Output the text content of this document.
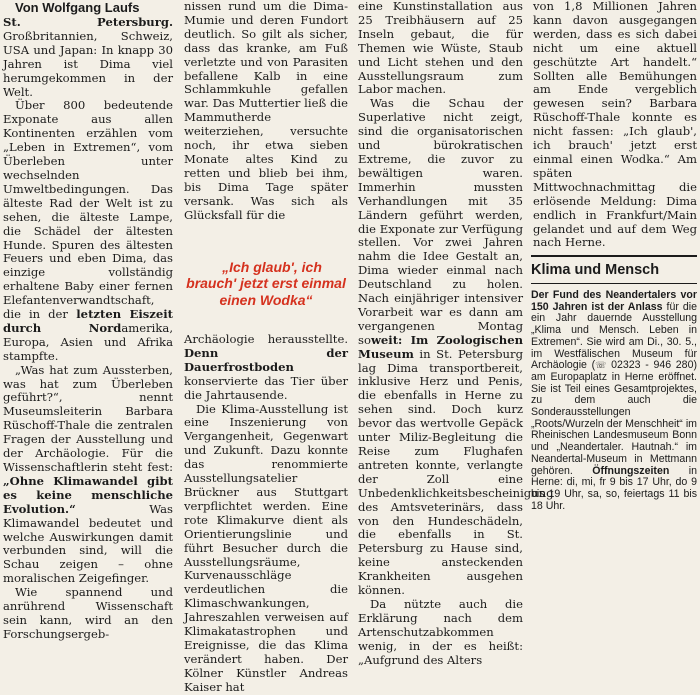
Von Wolfgang Laufs

St. Petersburg. Großbritannien, Schweiz, USA und Japan: In knapp 30 Jahren ist Dima viel herumgekommen in der Welt.

Über 800 bedeutende Exponate aus allen Kontinenten erzählen vom „Leben in Extremen“, vom Überleben unter wechselnden Umweltbedingungen. Das älteste Rad der Welt ist zu sehen, die älteste Lampe, die Schädel der ältesten Hunde. Spuren des ältesten Feuers und eben Dima, das einzige vollständig erhaltene Baby einer fernen Elefantenverwandtschaft, die in der letzten Eiszeit durch Nordamerika, Europa, Asien und Afrika stampfte.

„Was hat zum Aussterben, was hat zum Überleben geführt?“, nennt Museumsleiterin Barbara Rüschoff-Thale die zentralen Fragen der Ausstellung und der Archäologie. Für die Wissenschaftlerin steht fest: „Ohne Klimawandel gibt es keine menschliche Evolution.“ Was Klimawandel bedeutet und welche Auswirkungen damit verbunden sind, will die Schau zeigen – ohne moralischen Zeigefinger.

Wie spannend und anrührend Wissenschaft sein kann, wird an den Forschungsergeb-

nissen rund um die Dima-Mumie und deren Fundort deutlich. So gilt als sicher, dass das kranke, am Fuß verletzte und von Parasiten befallene Kalb in eine Schlammkuhle gefallen war. Das Muttertier ließ die Mammutherde weiterziehen, versuchte noch, ihr etwa sieben Monate altes Kind zu retten und blieb bei ihm, bis Dima Tage später versank. Was sich als Glücksfall für die

„Ich glaub', ich brauch' jetzt erst einmal einen Wodka“

Archäologie herausstellte. Denn der Dauerfrostboden konservierte das Tier über die Jahrtausende.

Die Klima-Ausstellung ist eine Inszenierung von Vergangenheit, Gegenwart und Zukunft. Dazu konnte das renommierte Ausstellungsatelier Brückner aus Stuttgart verpflichtet werden. Eine rote Klimakurve dient als Orientierungslinie und führt Besucher durch die Ausstellungsräume, Kurvenausschläge verdeutlichen die Klimaschwankungen, Jahreszahlen verweisen auf Klimakatastrophen und Ereignisse, die das Klima verändert haben. Der Kölner Künstler Andreas Kaiser hat

eine Kunstinstallation aus 25 Treibhäusern auf 25 Inseln gebaut, die für Themen wie Wüste, Staub und Licht stehen und den Ausstellungsraum zum Labor machen.

Was die Schau der Superlative nicht zeigt, sind die organisatorischen und bürokratischen Extreme, die zuvor zu bewältigen waren. Immerhin mussten Verhandlungen mit 35 Ländern geführt werden, die Exponate zur Verfügung stellen. Vor zwei Jahren nahm die Idee Gestalt an, Dima wieder einmal nach Deutschland zu holen. Nach einjähriger intensiver Vorarbeit war es dann am vergangenen Montag soweit: Im Zoologischen Museum in St. Petersburg lag Dima transportbereit, inklusive Herz und Penis, die ebenfalls in Herne zu sehen sind. Doch kurz bevor das wertvolle Gepäck unter Miliz-Begleitung die Reise zum Flughafen antreten konnte, verlangte der Zoll eine Unbedenklichkeitsbescheinigung des Amtsveterinärs, dass von den Hundeschädeln, die ebenfalls in St. Petersburg zu Hause sind, keine ansteckenden Krankheiten ausgehen können.

Da nützte auch die Erklärung nach dem Artenschutzabkommen wenig, in der es heißt: „Aufgrund des Alters

von 1,8 Millionen Jahren kann davon ausgegangen werden, dass es sich dabei nicht um eine aktuell geschützte Art handelt.“ Sollten alle Bemühungen am Ende vergeblich gewesen sein? Barbara Rüschoff-Thale konnte es nicht fassen: „Ich glaub', ich brauch' jetzt erst einmal einen Wodka.“ Am späten Mittwochnachmittag die erlösende Meldung: Dima endlich in Frankfurt/Main gelandet und auf dem Weg nach Herne.

Klima und Mensch

Der Fund des Neandertalers vor 150 Jahren ist der Anlass für die ein Jahr dauernde Ausstellung „Klima und Mensch. Leben in Extremen“. Sie wird am Di., 30. 5., im Westfälischen Museum für Archäologie (☏ 02323 - 946 280) am Europaplatz in Herne eröffnet. Sie ist Teil eines Gesamtprojektes, zu dem auch die Sonderausstellungen „Roots/Wurzeln der Menschheit“ im Rheinischen Landesmuseum Bonn und „Neandertaler. Hautnah.“ im Neandertal-Museum in Mettmann gehören. Öffnungszeiten in Herne: di, mi, fr 9 bis 17 Uhr, do 9 bis 19 Uhr, sa, so, feiertags 11 bis 18 Uhr.
